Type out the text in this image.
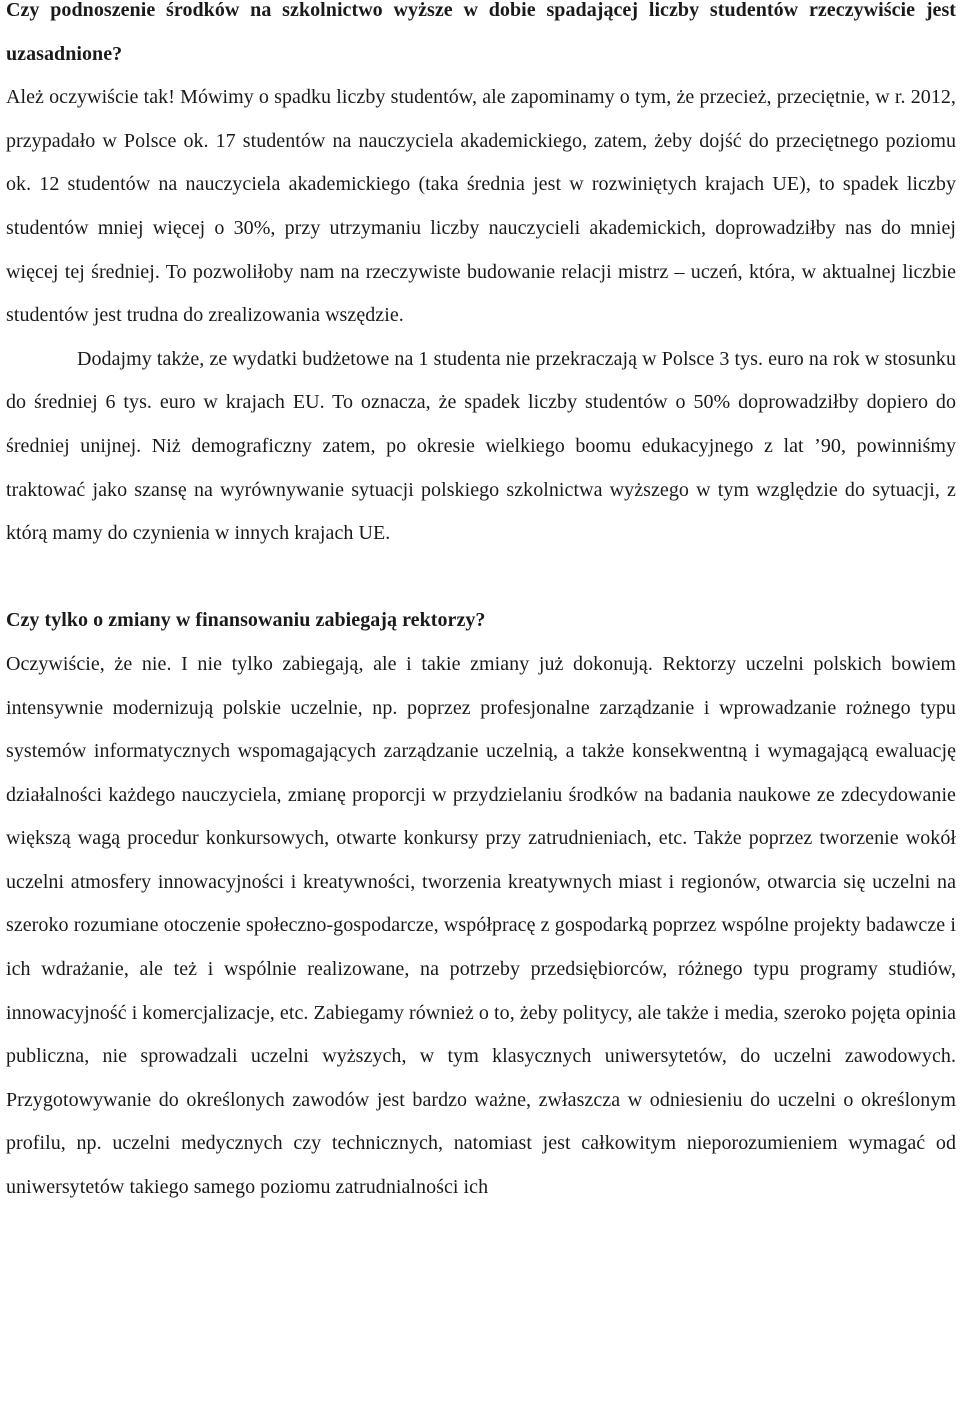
Czy podnoszenie środków na szkolnictwo wyższe w dobie spadającej liczby studentów rzeczywiście jest uzasadnione?

Ależ oczywiście tak! Mówimy o spadku liczby studentów, ale zapominamy o tym, że przecież, przeciętnie, w r. 2012, przypadało w Polsce ok. 17 studentów na nauczyciela akademickiego, zatem, żeby dojść do przeciętnego poziomu ok. 12 studentów na nauczyciela akademickiego (taka średnia jest w rozwiniętych krajach UE), to spadek liczby studentów mniej więcej o 30%, przy utrzymaniu liczby nauczycieli akademickich, doprowadziłby nas do mniej więcej tej średniej. To pozwoliłoby nam na rzeczywiste budowanie relacji mistrz – uczeń, która, w aktualnej liczbie studentów jest trudna do zrealizowania wszędzie.

Dodajmy także, ze wydatki budżetowe na 1 studenta nie przekraczają w Polsce 3 tys. euro na rok w stosunku do średniej 6 tys. euro w krajach EU. To oznacza, że spadek liczby studentów o 50% doprowadziłby dopiero do średniej unijnej. Niż demograficzny zatem, po okresie wielkiego boomu edukacyjnego z lat ’90, powinniśmy traktować jako szansę na wyrównywanie sytuacji polskiego szkolnictwa wyższego w tym względzie do sytuacji, z którą mamy do czynienia w innych krajach UE.

Czy tylko o zmiany w finansowaniu zabiegają rektorzy?

Oczywiście, że nie. I nie tylko zabiegają, ale i takie zmiany już dokonują. Rektorzy uczelni polskich bowiem intensywnie modernizują polskie uczelnie, np. poprzez profesjonalne zarządzanie i wprowadzanie rożnego typu systemów informatycznych wspomagających zarządzanie uczelnią, a także konsekwentną i wymagającą ewaluację działalności każdego nauczyciela, zmianę proporcji w przydzielaniu środków na badania naukowe ze zdecydowanie większą wagą procedur konkursowych, otwarte konkursy przy zatrudnieniach, etc. Także poprzez tworzenie wokół uczelni atmosfery innowacyjności i kreatywności, tworzenia kreatywnych miast i regionów, otwarcia się uczelni na szeroko rozumiane otoczenie społeczno-gospodarcze, współpracę z gospodarką poprzez wspólne projekty badawcze i ich wdrażanie, ale też i wspólnie realizowane, na potrzeby przedsiębiorców, różnego typu programy studiów, innowacyjność i komercjalizacje, etc. Zabiegamy również o to, żeby politycy, ale także i media, szeroko pojęta opinia publiczna, nie sprowadzali uczelni wyższych, w tym klasycznych uniwersytetów, do uczelni zawodowych. Przygotowywanie do określonych zawodów jest bardzo ważne, zwłaszcza w odniesieniu do uczelni o określonym profilu, np. uczelni medycznych czy technicznych, natomiast jest całkowitym nieporozumieniem wymagać od uniwersytetów takiego samego poziomu zatrudnialności ich
